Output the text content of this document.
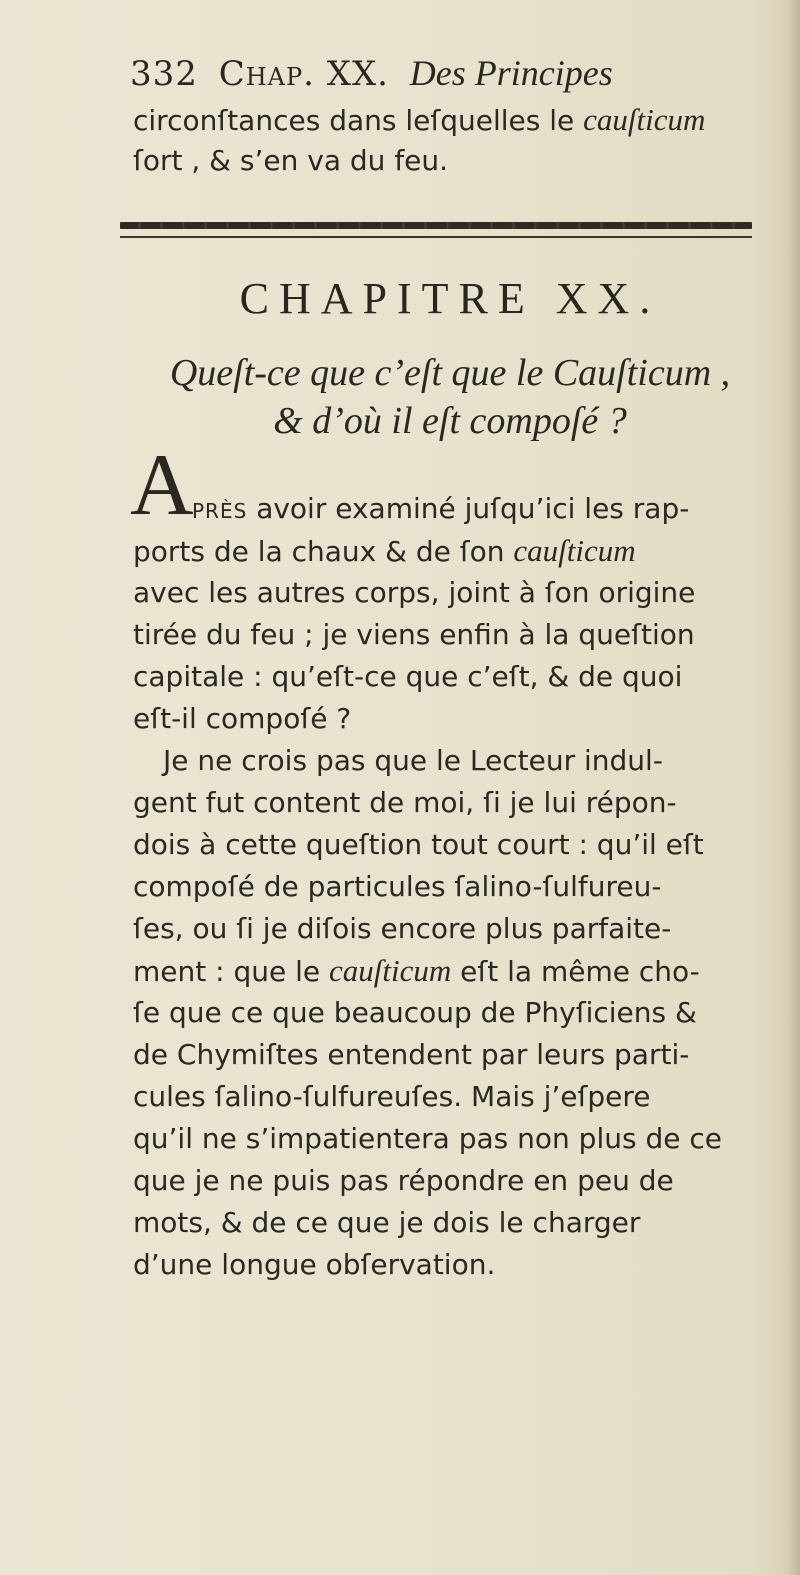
332 Chap. XX. Des Principes
circonſtances dans leſquelles le cauſticum
ſort , & s’en va du feu.
CHAPITRE XX.
Queſt-ce que c’eſt que le Cauſticum ,
& d’où il eſt compoſé ?
A
près avoir examiné juſqu’ici les rap-
ports de la chaux & de ſon cauſticum
avec les autres corps, joint à ſon origine
tirée du feu ; je viens enfin à la queſtion
capitale : qu’eſt-ce que c’eſt, & de quoi
eſt-il compoſé ?
Je ne crois pas que le Lecteur indul-
gent fut content de moi, ſi je lui répon-
dois à cette queſtion tout court : qu’il eſt
compoſé de particules ſalino-ſulfureu-
ſes, ou ſi je diſois encore plus parfaite-
ment : que le cauſticum eſt la même cho-
ſe que ce que beaucoup de Phyſiciens &
de Chymiſtes entendent par leurs parti-
cules ſalino-ſulfureuſes. Mais j’eſpere
qu’il ne s’impatientera pas non plus de ce
que je ne puis pas répondre en peu de
mots, & de ce que je dois le charger
d’une longue obſervation.
